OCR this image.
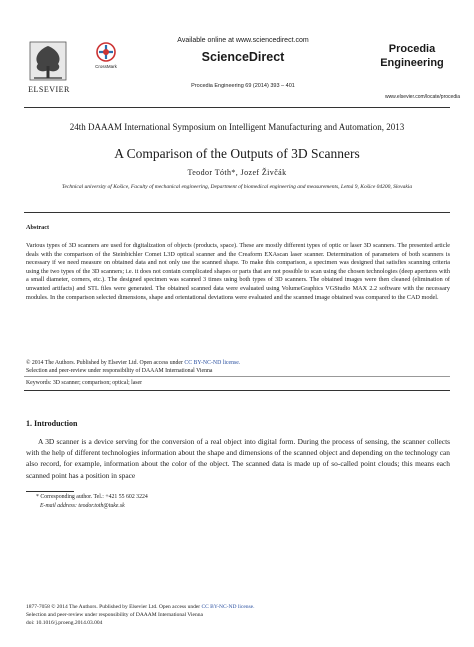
ELSEVIER
CrossMark
Available online at www.sciencedirect.com
ScienceDirect
Procedia Engineering 69 (2014) 393 – 401
Procedia
Engineering
www.elsevier.com/locate/procedia
24th DAAAM International Symposium on Intelligent Manufacturing and Automation, 2013
A Comparison of the Outputs of 3D Scanners
Teodor Tóth*, Jozef Živčák
Technical university of Košice, Faculty of mechanical engineering, Department of biomedical engineering and measurements, Letná 9, Košice 04200, Slovakia
Abstract
Various types of 3D scanners are used for digitalization of objects (products, space). These are mostly different types of optic or laser 3D scanners. The presented article deals with the comparison of the Steinbichler Comet L3D optical scanner and the Creaform EXAscan laser scanner. Determination of parameters of both scanners is necessary if we need measure on obtained data and not only use the scanned shape. To make this comparison, a specimen was designed that satisfies scanning criteria using the two types of the 3D scanners; i.e. it does not contain complicated shapes or parts that are not possible to scan using the chosen technologies (deep apertures with a small diameter, corners, etc.). The designed specimen was scanned 3 times using both types of 3D scanners. The obtained images were then cleaned (elimination of unwanted artifacts) and STL files were generated. The obtained scanned data were evaluated using VolumeGraphics VGStudio MAX 2.2 software with the necessary modules. In the comparison selected dimensions, shape and orientational deviations were evaluated and the scanned image obtained was compared to the CAD model.
© 2014 The Authors. Published by Elsevier Ltd. Open access under CC BY-NC-ND license.
Selection and peer-review under responsibility of DAAAM International Vienna
Keywords: 3D scanner; comparison; optical; laser
1. Introduction
A 3D scanner is a device serving for the conversion of a real object into digital form. During the process of sensing, the scanner collects with the help of different technologies information about the shape and dimensions of the scanned object and depending on the technology can also record, for example, information about the color of the object. The scanned data is made up of so-called point clouds; this means each scanned point has a position in space
* Corresponding author. Tel.: +421 55 602 3224
E-mail address: teodor.toth@tuke.sk
1877-7058 © 2014 The Authors. Published by Elsevier Ltd. Open access under CC BY-NC-ND license.
Selection and peer-review under responsibility of DAAAM International Vienna
doi: 10.1016/j.proeng.2014.03.004
